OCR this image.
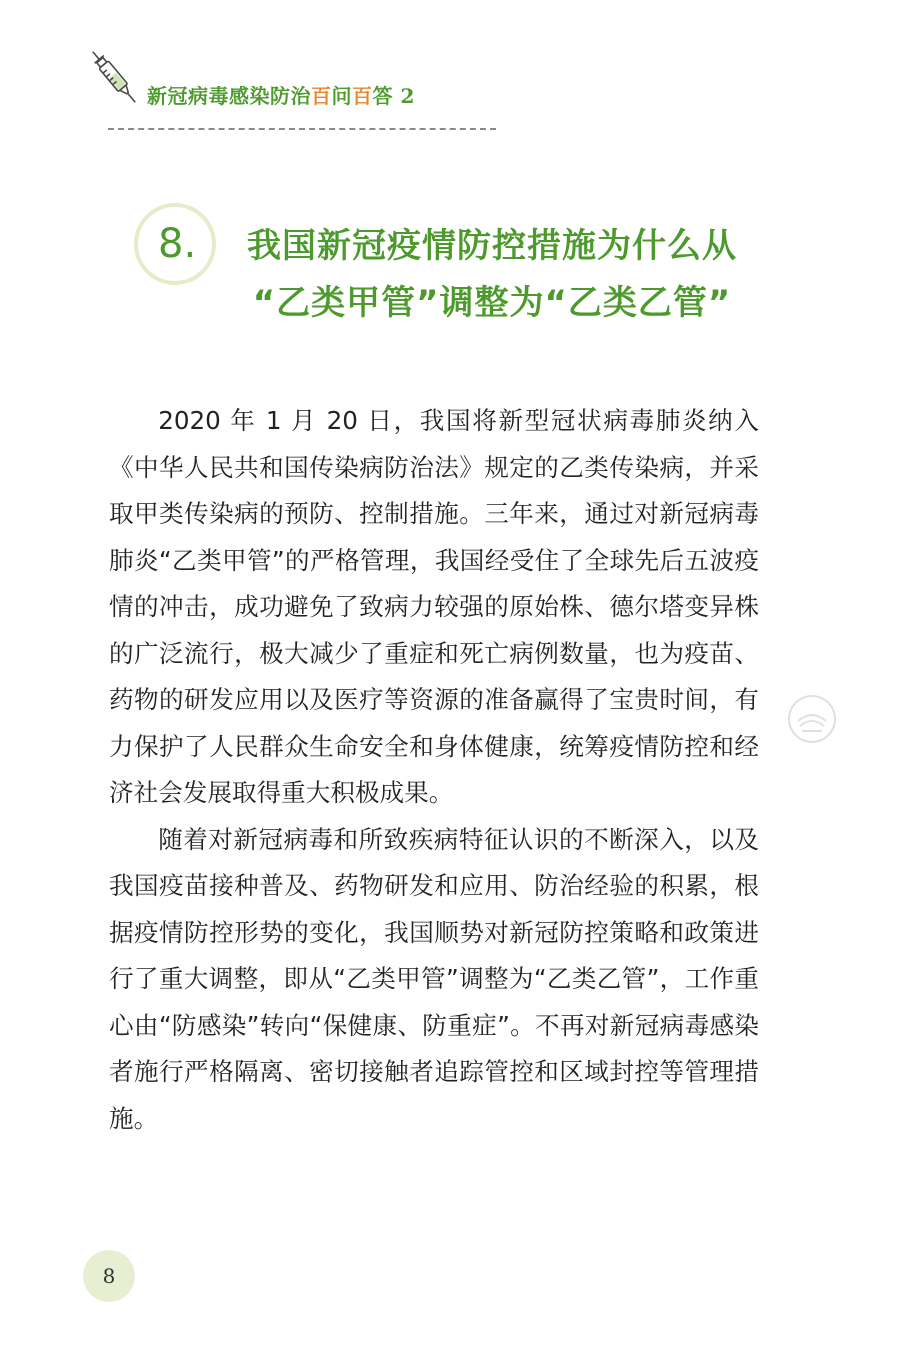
新冠病毒感染防治百问百答 2
8.	我国新冠疫情防控措施为什么从
“乙类甲管”调整为“乙类乙管”

2020 年 1 月 20 日，我国将新型冠状病毒肺炎纳入《中华人民共和国传染病防治法》规定的乙类传染病，并采取甲类传染病的预防、控制措施。三年来，通过对新冠病毒肺炎“乙类甲管”的严格管理，我国经受住了全球先后五波疫情的冲击，成功避免了致病力较强的原始株、德尔塔变异株的广泛流行，极大减少了重症和死亡病例数量，也为疫苗、药物的研发应用以及医疗等资源的准备赢得了宝贵时间，有力保护了人民群众生命安全和身体健康，统筹疫情防控和经济社会发展取得重大积极成果。

随着对新冠病毒和所致疾病特征认识的不断深入，以及我国疫苗接种普及、药物研发和应用、防治经验的积累，根据疫情防控形势的变化，我国顺势对新冠防控策略和政策进行了重大调整，即从“乙类甲管”调整为“乙类乙管”，工作重心由“防感染”转向“保健康、防重症”。不再对新冠病毒感染者施行严格隔离、密切接触者追踪管控和区域封控等管理措施。

8
